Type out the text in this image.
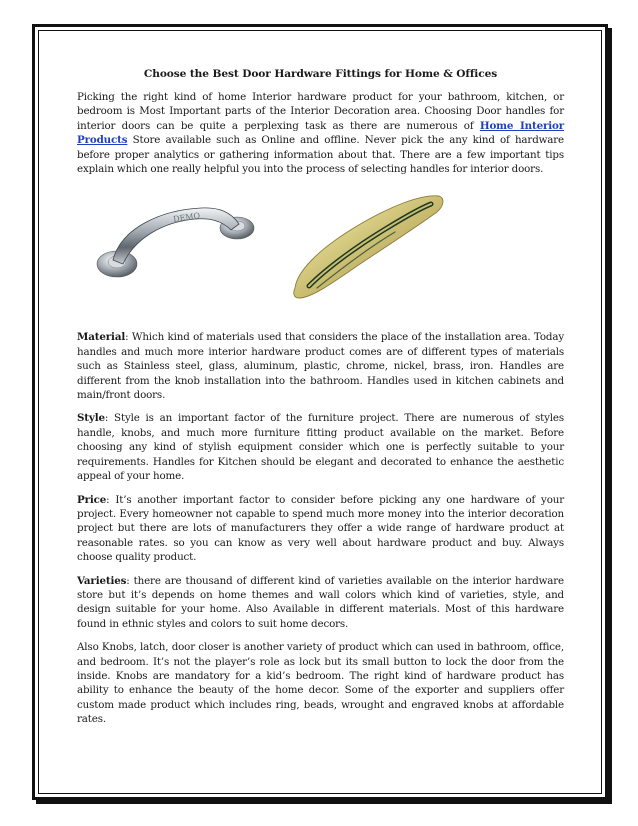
Choose the Best Door Hardware Fittings for Home & Offices

Picking the right kind of home Interior hardware product for your bathroom, kitchen, or bedroom is Most Important parts of the Interior Decoration area. Choosing Door handles for interior doors can be quite a perplexing task as there are numerous of Home Interior Products Store available such as Online and offline. Never pick the any kind of hardware before proper analytics or gathering information about that. There are a few important tips explain which one really helpful you into the process of selecting handles for interior doors.

DEMO

Material: Which kind of materials used that considers the place of the installation area. Today handles and much more interior hardware product comes are of different types of materials such as Stainless steel, glass, aluminum, plastic, chrome, nickel, brass, iron. Handles are different from the knob installation into the bathroom. Handles used in kitchen cabinets and main/front doors.

Style: Style is an important factor of the furniture project. There are numerous of styles handle, knobs, and much more furniture fitting product available on the market. Before choosing any kind of stylish equipment consider which one is perfectly suitable to your requirements. Handles for Kitchen should be elegant and decorated to enhance the aesthetic appeal of your home.

Price: It’s another important factor to consider before picking any one hardware of your project. Every homeowner not capable to spend much more money into the interior decoration project but there are lots of manufacturers they offer a wide range of hardware product at reasonable rates. so you can know as very well about hardware product and buy. Always choose quality product.

Varieties: there are thousand of different kind of varieties available on the interior hardware store but it’s depends on home themes and wall colors which kind of varieties, style, and design suitable for your home. Also Available in different materials. Most of this hardware found in ethnic styles and colors to suit home decors.

Also Knobs, latch, door closer is another variety of product which can used in bathroom, office, and bedroom. It’s not the player’s role as lock but its small button to lock the door from the inside. Knobs are mandatory for a kid’s bedroom. The right kind of hardware product has ability to enhance the beauty of the home decor. Some of the exporter and suppliers offer custom made product which includes ring, beads, wrought and engraved knobs at affordable rates.
